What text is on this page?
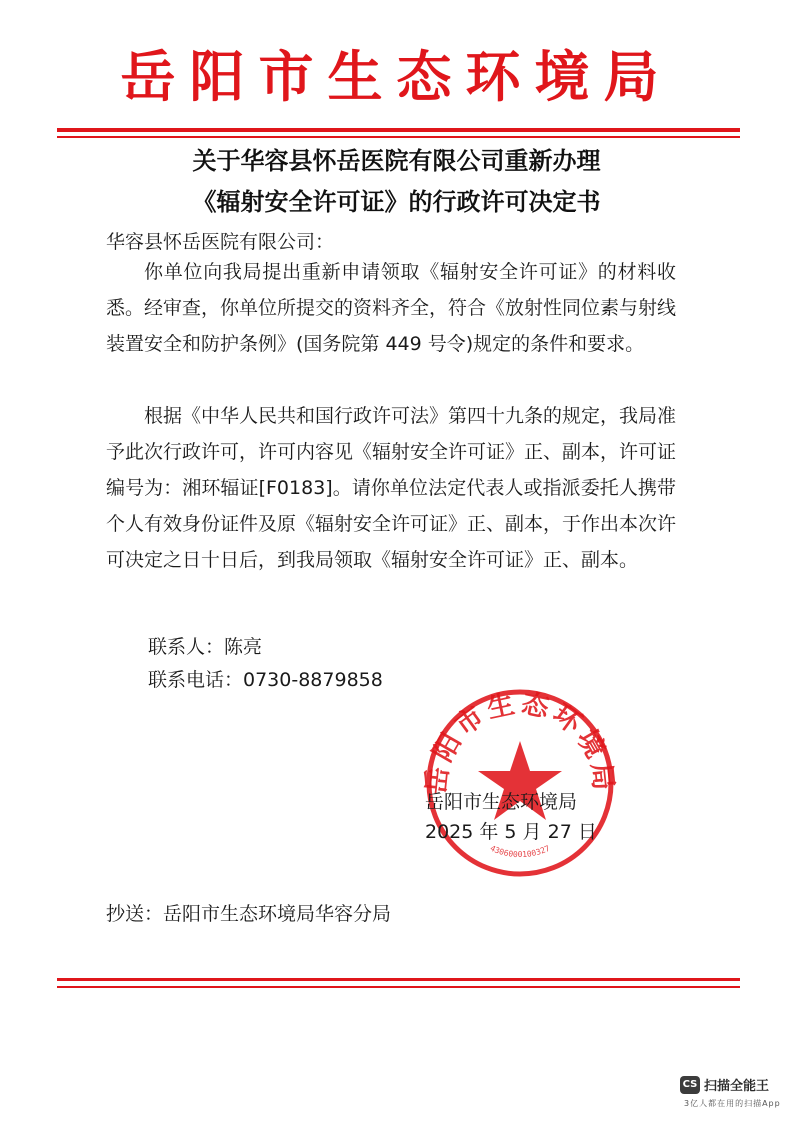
岳阳市生态环境局
关于华容县怀岳医院有限公司重新办理
《辐射安全许可证》的行政许可决定书
华容县怀岳医院有限公司：

你单位向我局提出重新申请领取《辐射安全许可证》的材料收悉。经审查，你单位所提交的资料齐全，符合《放射性同位素与射线装置安全和防护条例》(国务院第 449 号令)规定的条件和要求。

根据《中华人民共和国行政许可法》第四十九条的规定，我局准予此次行政许可，许可内容见《辐射安全许可证》正、副本，许可证编号为：湘环辐证[F0183]。请你单位法定代表人或指派委托人携带个人有效身份证件及原《辐射安全许可证》正、副本，于作出本次许可决定之日十日后，到我局领取《辐射安全许可证》正、副本。

联系人：陈亮
联系电话：0730-8879858
岳阳市生态环境局
4306000100327
岳阳市生态环境局
2025 年 5 月 27 日
抄送：岳阳市生态环境局华容分局
CS 扫描全能王
3亿人都在用的扫描App
